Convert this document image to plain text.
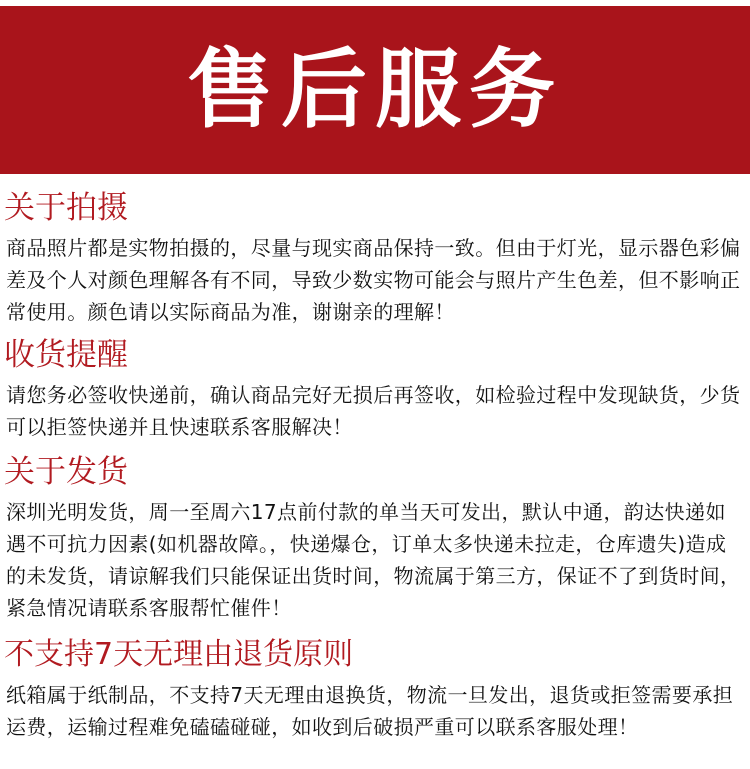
售后服务
关于拍摄
商品照片都是实物拍摄的，尽量与现实商品保持一致。但由于灯光，显示器色彩偏差及个人对颜色理解各有不同，导致少数实物可能会与照片产生色差，但不影响正常使用。颜色请以实际商品为准，谢谢亲的理解！
收货提醒
请您务必签收快递前，确认商品完好无损后再签收，如检验过程中发现缺货，少货可以拒签快递并且快速联系客服解决！
关于发货
深圳光明发货，周一至周六17点前付款的单当天可发出，默认中通，韵达快递如遇不可抗力因素(如机器故障。，快递爆仓，订单太多快递未拉走，仓库遗失)造成的未发货，请谅解我们只能保证出货时间，物流属于第三方，保证不了到货时间，紧急情况请联系客服帮忙催件！
不支持7天无理由退货原则
纸箱属于纸制品，不支持7天无理由退换货，物流一旦发出，退货或拒签需要承担运费，运输过程难免磕磕碰碰，如收到后破损严重可以联系客服处理！
